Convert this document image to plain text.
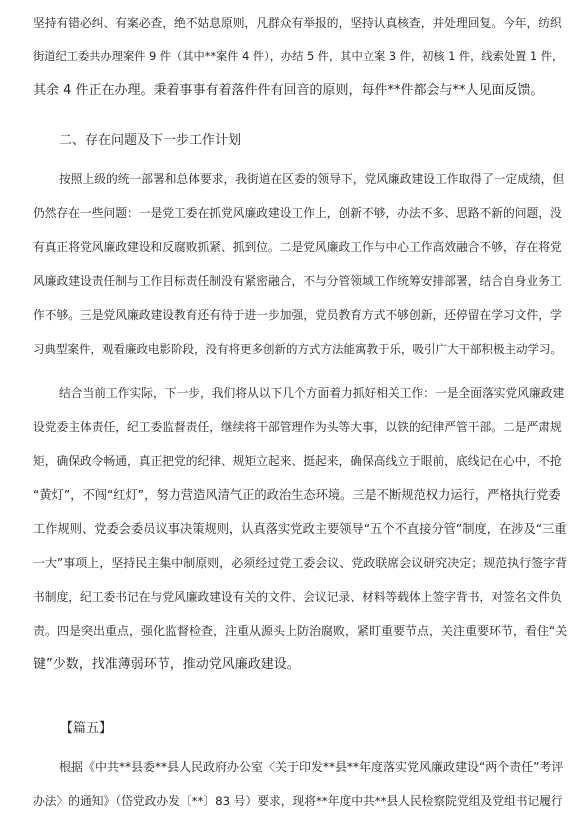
坚持有错必纠、有案必查，绝不姑息原则，凡群众有举报的，坚持认真核查，并处理回复。今年，纺织
街道纪工委共办理案件 9 件（其中**案件 4 件），办结 5 件，其中立案 3 件，初核 1 件，线索处置 1 件，
其余 4 件正在办理。秉着事事有着落件件有回音的原则，每件**件都会与**人见面反馈。
二、存在问题及下一步工作计划
按照上级的统一部署和总体要求，我街道在区委的领导下，党风廉政建设工作取得了一定成绩，但
仍然存在一些问题：一是党工委在抓党风廉政建设工作上，创新不够，办法不多、思路不新的问题，没
有真正将党风廉政建设和反腐败抓紧、抓到位。二是党风廉政工作与中心工作高效融合不够，存在将党
风廉政建设责任制与工作目标责任制没有紧密融合，不与分管领域工作统筹安排部署，结合自身业务工
作不够。三是党风廉政建设教育还有待于进一步加强，党员教育方式不够创新，还停留在学习文件，学
习典型案件，观看廉政电影阶段，没有将更多创新的方式方法能寓教于乐，吸引广大干部积极主动学习。
结合当前工作实际，下一步，我们将从以下几个方面着力抓好相关工作：一是全面落实党风廉政建
设党委主体责任，纪工委监督责任，继续将干部管理作为头等大事，以铁的纪律严管干部。二是严肃规
矩，确保政令畅通，真正把党的纪律、规矩立起来、挺起来，确保高线立于眼前，底线记在心中，不抢
“黄灯”，不闯“红灯”，努力营造风清气正的政治生态环境。三是不断规范权力运行，严格执行党委
工作规则、党委会委员议事决策规则，认真落实党政主要领导“五个不直接分管”制度，在涉及“三重
一大”事项上，坚持民主集中制原则，必须经过党工委会议、党政联席会议研究决定；规范执行签字背
书制度，纪工委书记在与党风廉政建设有关的文件、会议记录、材料等载体上签字背书，对签名文件负
责。四是突出重点，强化监督检查，注重从源头上防治腐败，紧盯重要节点，关注重要环节，看住“关
键”少数，找准薄弱环节，推动党风廉政建设。
【篇五】
根据《中共**县委**县人民政府办公室〈关于印发**县**年度落实党风廉政建设“两个责任”考评
办法〉的通知》（岱党政办发〔**〕83 号）要求，现将**年度中共**县人民检察院党组及党组书记履行
